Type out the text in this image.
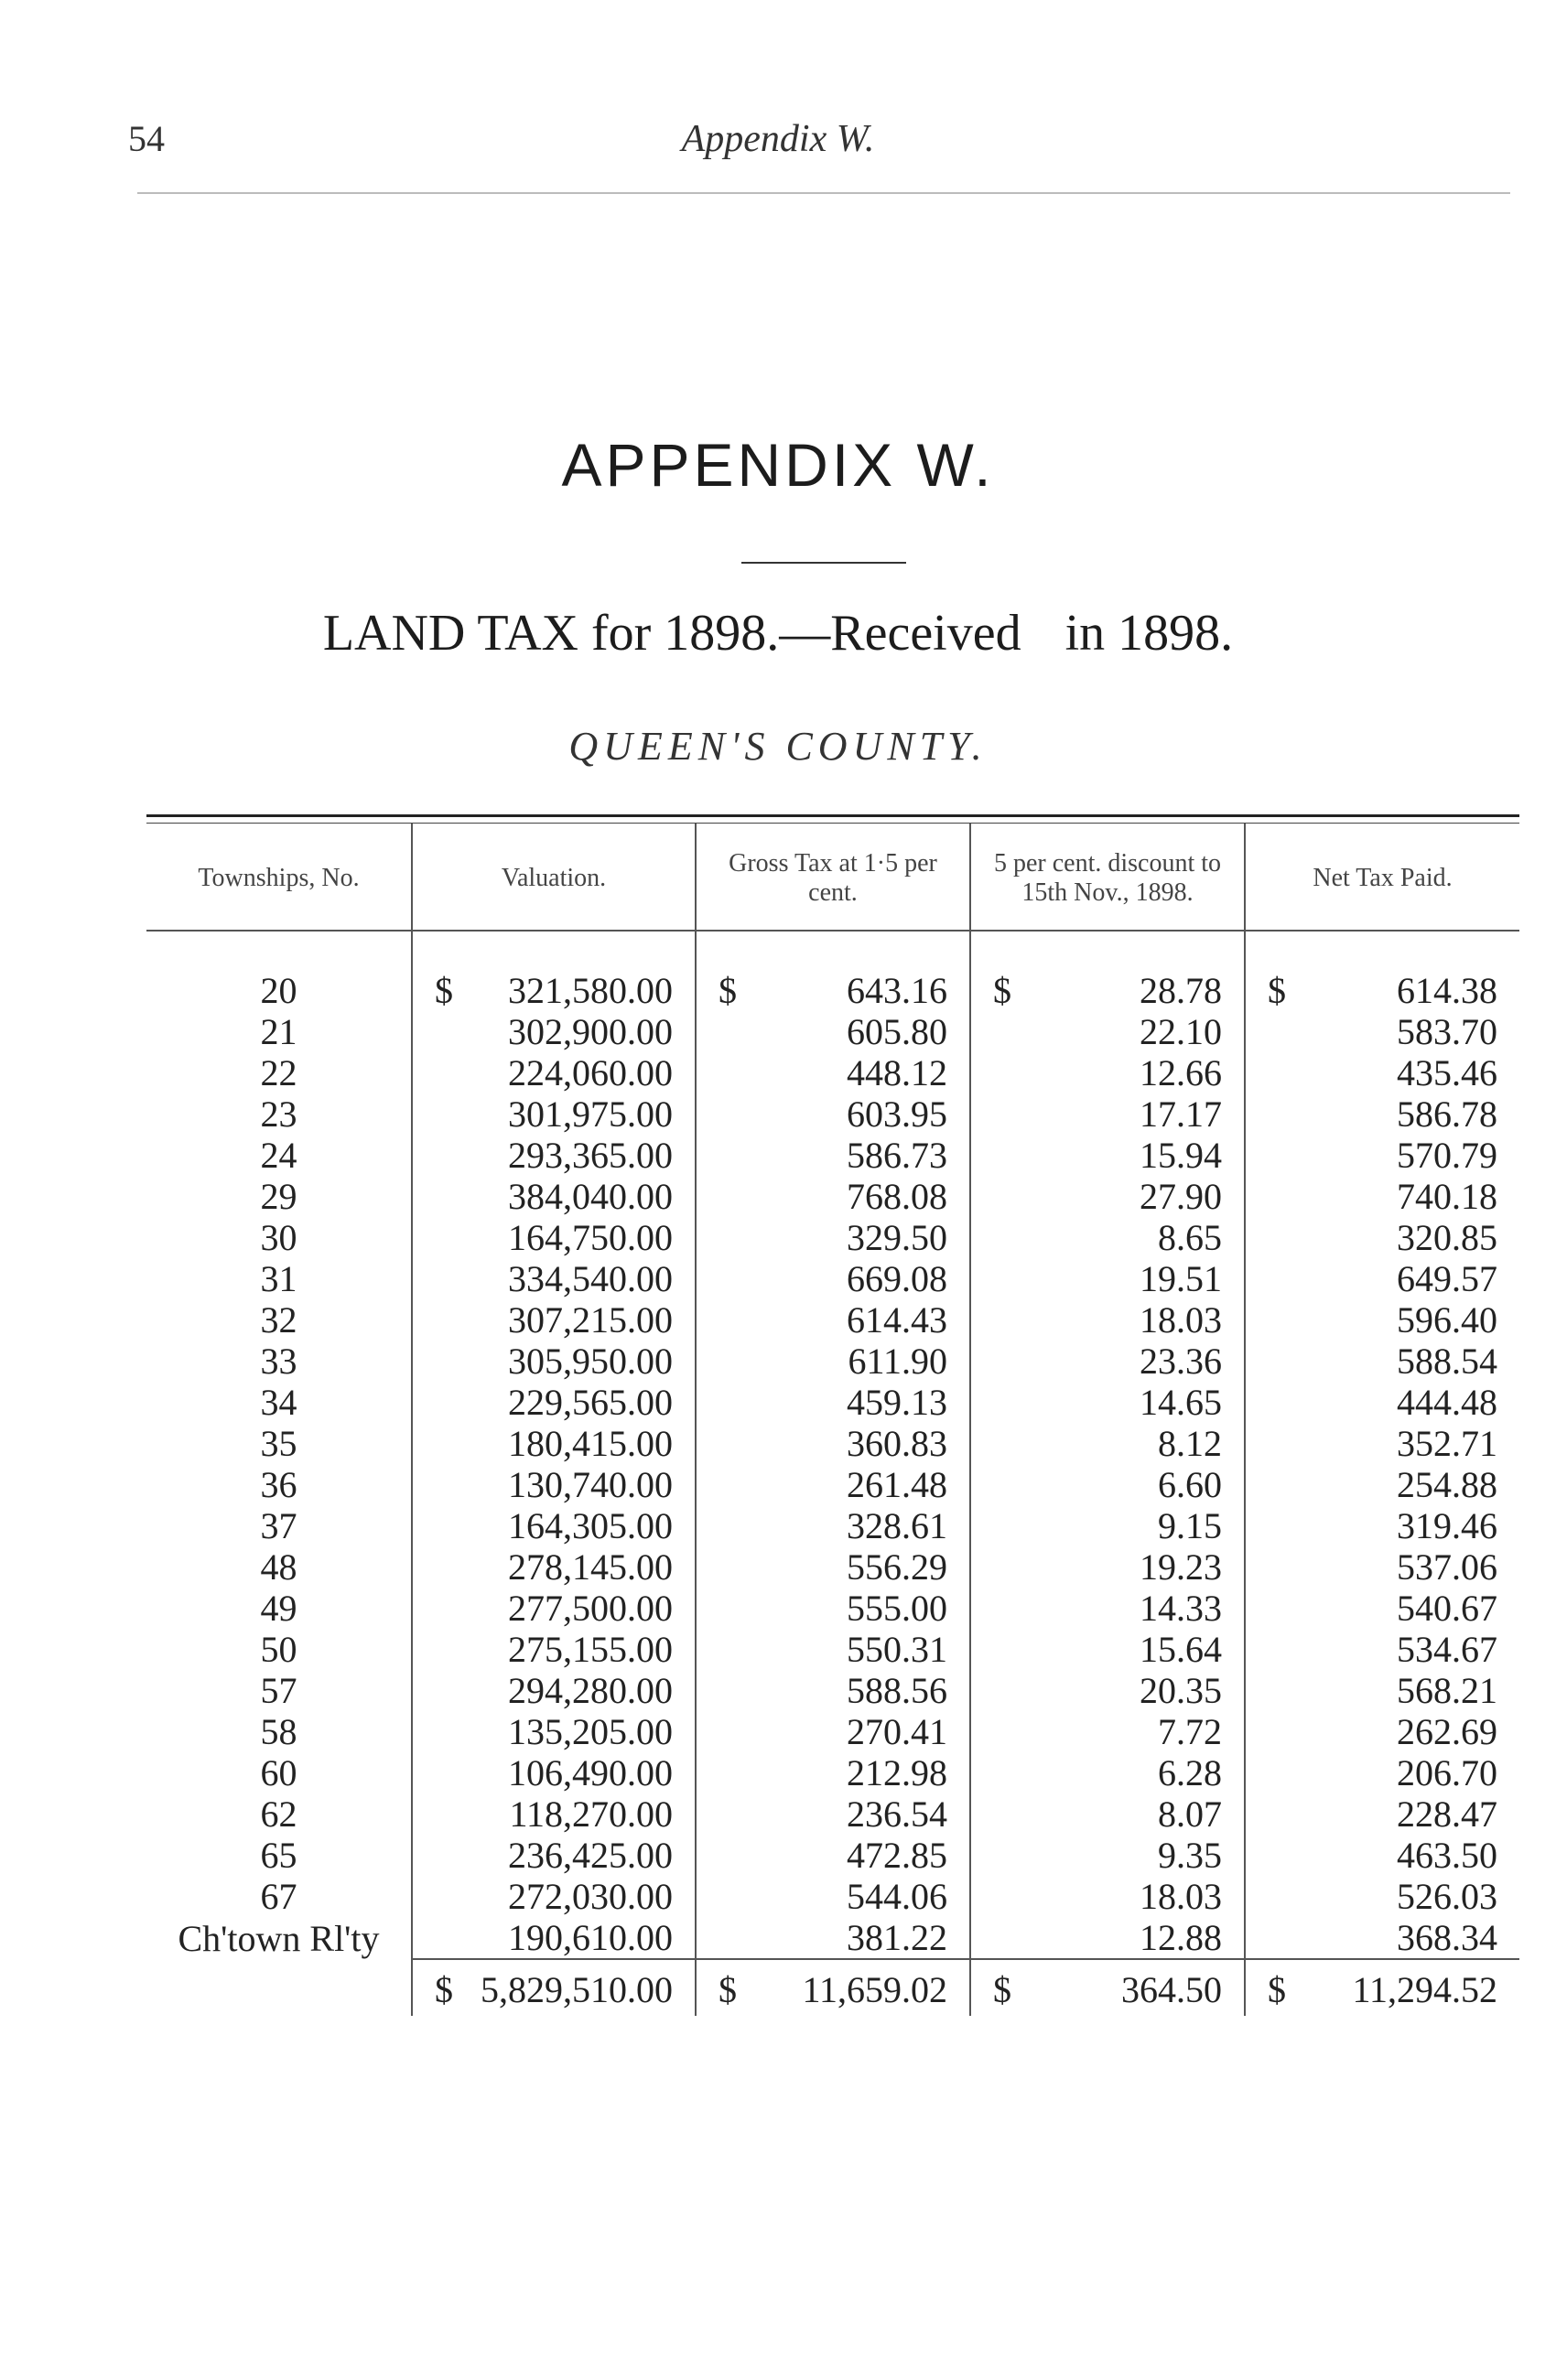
54	Appendix W.
APPENDIX W.
LAND TAX for 1898.—Received in 1898.
QUEEN'S COUNTY.
Townships, No.	Valuation.	Gross Tax at 1·5 per cent.	5 per cent. discount to 15th Nov., 1898.	Net Tax Paid.
20	$ 321,580.00	$ 643.16	$ 28.78	$ 614.38
21	302,900.00	605.80	22.10	583.70
22	224,060.00	448.12	12.66	435.46
23	301,975.00	603.95	17.17	586.78
24	293,365.00	586.73	15.94	570.79
29	384,040.00	768.08	27.90	740.18
30	164,750.00	329.50	8.65	320.85
31	334,540.00	669.08	19.51	649.57
32	307,215.00	614.43	18.03	596.40
33	305,950.00	611.90	23.36	588.54
34	229,565.00	459.13	14.65	444.48
35	180,415.00	360.83	8.12	352.71
36	130,740.00	261.48	6.60	254.88
37	164,305.00	328.61	9.15	319.46
48	278,145.00	556.29	19.23	537.06
49	277,500.00	555.00	14.33	540.67
50	275,155.00	550.31	15.64	534.67
57	294,280.00	588.56	20.35	568.21
58	135,205.00	270.41	7.72	262.69
60	106,490.00	212.98	6.28	206.70
62	118,270.00	236.54	8.07	228.47
65	236,425.00	472.85	9.35	463.50
67	272,030.00	544.06	18.03	526.03
Ch'town Rl'ty	190,610.00	381.22	12.88	368.34

	$ 5,829,510.00	$ 11,659.02	$ 364.50	$ 11,294.52
